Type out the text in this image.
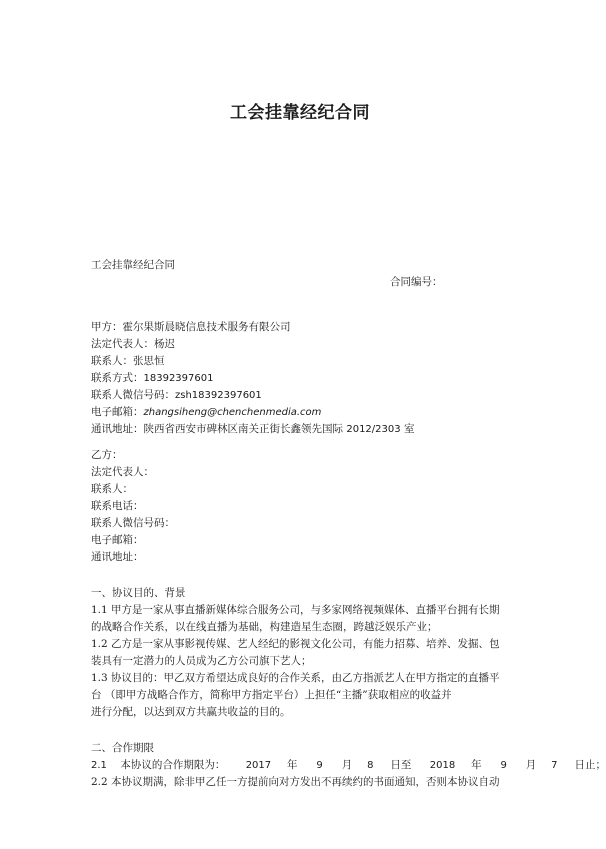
工会挂靠经纪合同
工会挂靠经纪合同
合同编号：
甲方：霍尔果斯晨晓信息技术服务有限公司
法定代表人：杨迟
联系人：张思恒
联系方式：18392397601
联系人微信号码：zsh18392397601
电子邮箱：zhangsiheng@chenchenmedia.com
通讯地址：陕西省西安市碑林区南关正街长鑫领先国际 2012/2303 室
乙方：
法定代表人：
联系人：
联系电话：
联系人微信号码：
电子邮箱：
通讯地址：
一、协议目的、背景
1.1 甲方是一家从事直播新媒体综合服务公司，与多家网络视频媒体、直播平台拥有长期
的战略合作关系，以在线直播为基础，构建造星生态圈，跨越泛娱乐产业；
1.2 乙方是一家从事影视传媒、艺人经纪的影视文化公司，有能力招募、培养、发掘、包
装具有一定潜力的人员成为乙方公司旗下艺人；
1.3 协议目的：甲乙双方希望达成良好的合作关系，由乙方指派艺人在甲方指定的直播平
台 （即甲方战略合作方，简称甲方指定平台）上担任“主播”获取相应的收益并
进行分配，以达到双方共赢共收益的目的。
二、合作期限
2.1 本协议的合作期限为： 2017 年 9 月 8 日至 2018 年 9 月 7 日止；
2.2 本协议期满，除非甲乙任一方提前向对方发出不再续约的书面通知，否则本协议自动
